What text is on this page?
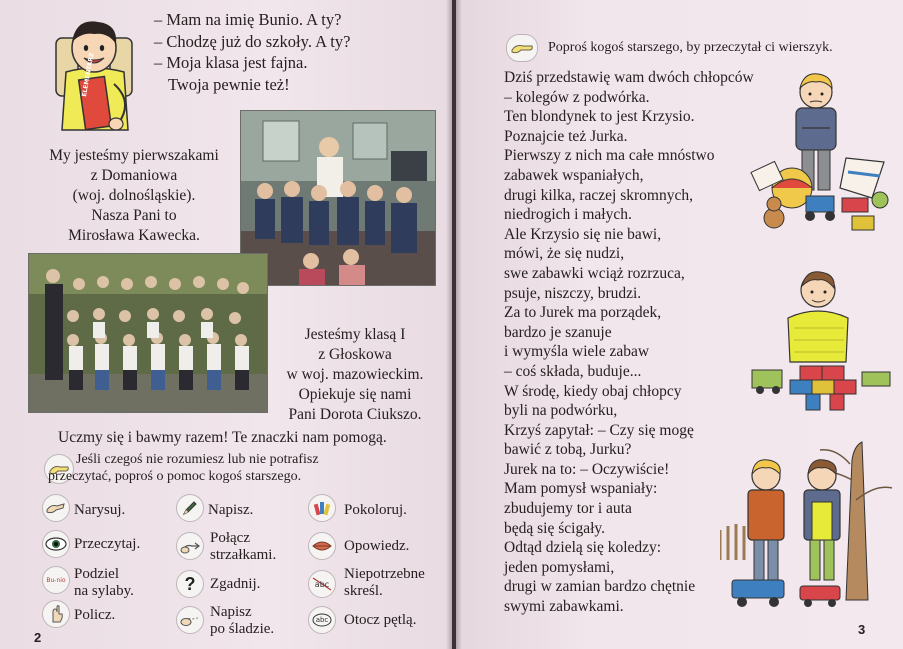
ELEMENTARZ
– Mam na imię Bunio. A ty?
– Chodzę już do szkoły. A ty?
– Moja klasa jest fajna.
Twoja pewnie też!
My jesteśmy pierwszakami
z Domaniowa
(woj. dolnośląskie).
Nasza Pani to
Mirosława Kawecka.
Jesteśmy klasą I
z Głoskowa
w woj. mazowieckim.
Opiekuje się nami
Pani Dorota Ciukszo.
Uczmy się i bawmy razem! Te znaczki nam pomogą.
Jeśli czegoś nie rozumiesz lub nie potrafisz
przeczytać, poproś o pomoc kogoś starszego.
Narysuj.
Przeczytaj.
Bu-nio Podziel
na sylaby.
Policz.
Napisz.
Połącz
strzałkami.
? Zgadnij.
Napisz
po śladzie.
Pokoloruj.
Opowiedz.
abc
Niepotrzebne
skreśl.
abc Otocz pętlą.
2
Poproś kogoś starszego, by przeczytał ci wierszyk.
Dziś przedstawię wam dwóch chłopców
– kolegów z podwórka.
Ten blondynek to jest Krzysio.
Poznajcie też Jurka.
Pierwszy z nich ma całe mnóstwo
zabawek wspaniałych,
drugi kilka, raczej skromnych,
niedrogich i małych.
Ale Krzysio się nie bawi,
mówi, że się nudzi,
swe zabawki wciąż rozrzuca,
psuje, niszczy, brudzi.
Za to Jurek ma porządek,
bardzo je szanuje
i wymyśla wiele zabaw
– coś składa, buduje...
W środę, kiedy obaj chłopcy
byli na podwórku,
Krzyś zapytał: – Czy się mogę
bawić z tobą, Jurku?
Jurek na to: – Oczywiście!
Mam pomysł wspaniały:
zbudujemy tor i auta
będą się ścigały.
Odtąd dzielą się koledzy:
jeden pomysłami,
drugi w zamian bardzo chętnie
swymi zabawkami.
3
